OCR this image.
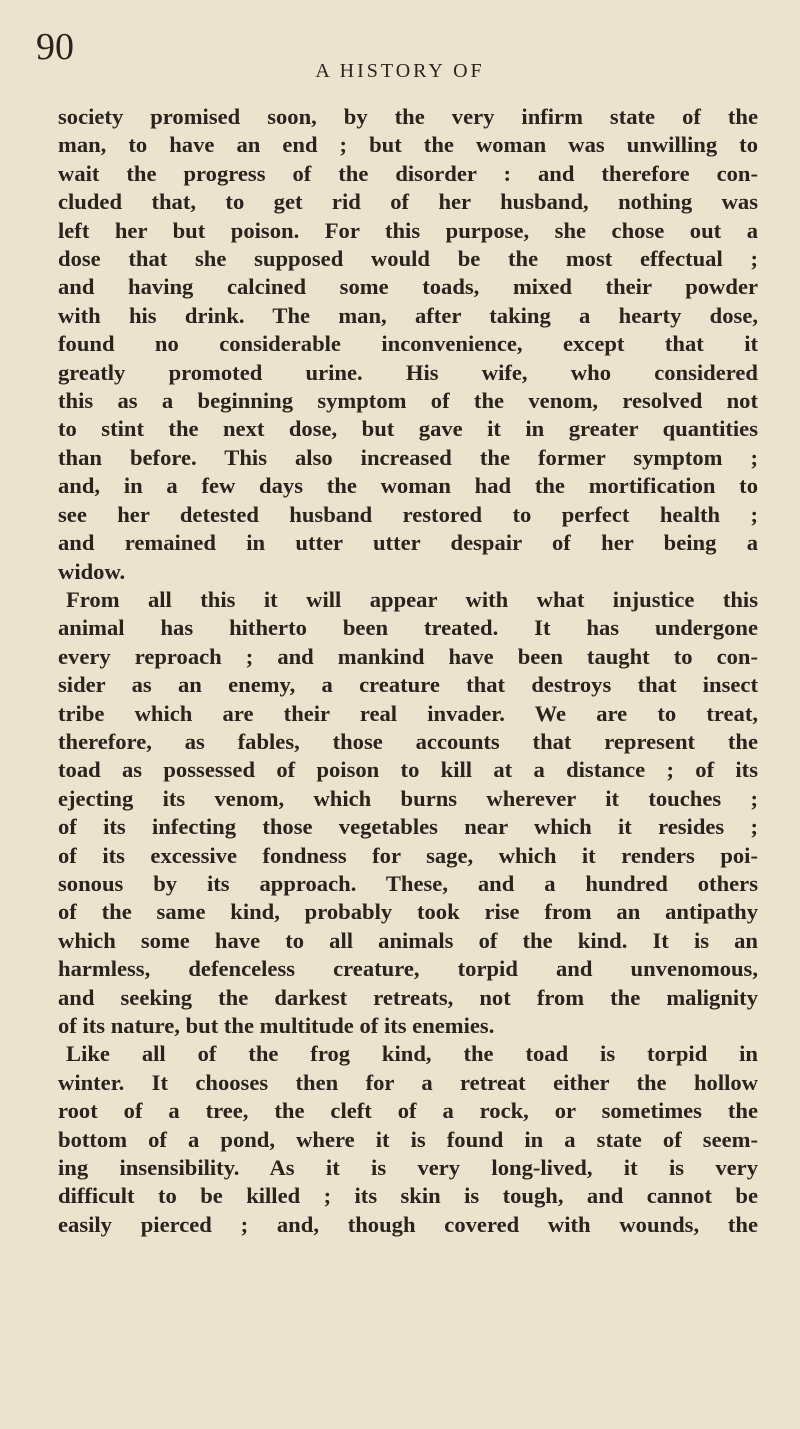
90
A HISTORY OF
society promised soon, by the very infirm state of the
man, to have an end ; but the woman was unwilling to
wait the progress of the disorder : and therefore con-
cluded that, to get rid of her husband, nothing was
left her but poison. For this purpose, she chose out a
dose that she supposed would be the most effectual ;
and having calcined some toads, mixed their powder
with his drink. The man, after taking a hearty dose,
found no considerable inconvenience, except that it
greatly promoted urine. His wife, who considered
this as a beginning symptom of the venom, resolved not
to stint the next dose, but gave it in greater quantities
than before. This also increased the former symptom ;
and, in a few days the woman had the mortification to
see her detested husband restored to perfect health ;
and remained in utter utter despair of her being a
widow.
From all this it will appear with what injustice this
animal has hitherto been treated. It has undergone
every reproach ; and mankind have been taught to con-
sider as an enemy, a creature that destroys that insect
tribe which are their real invader. We are to treat,
therefore, as fables, those accounts that represent the
toad as possessed of poison to kill at a distance ; of its
ejecting its venom, which burns wherever it touches ;
of its infecting those vegetables near which it resides ;
of its excessive fondness for sage, which it renders poi-
sonous by its approach. These, and a hundred others
of the same kind, probably took rise from an antipathy
which some have to all animals of the kind. It is an
harmless, defenceless creature, torpid and unvenomous,
and seeking the darkest retreats, not from the malignity
of its nature, but the multitude of its enemies.
Like all of the frog kind, the toad is torpid in
winter. It chooses then for a retreat either the hollow
root of a tree, the cleft of a rock, or sometimes the
bottom of a pond, where it is found in a state of seem-
ing insensibility. As it is very long-lived, it is very
difficult to be killed ; its skin is tough, and cannot be
easily pierced ; and, though covered with wounds, the
